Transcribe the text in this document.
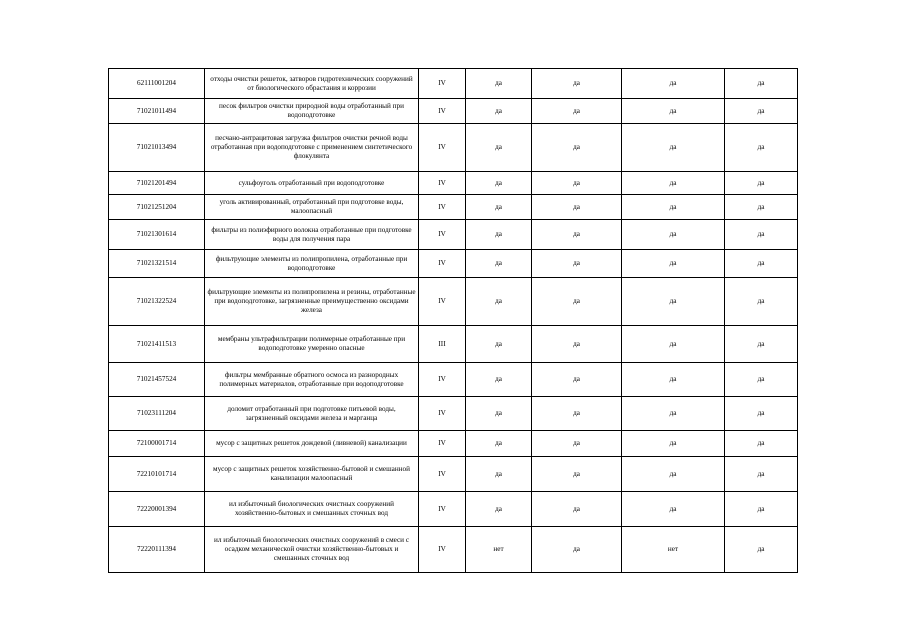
62111001204	отходы очистки решеток, затворов гидротехнических сооружений от биологического обрастания и коррозии	IV	да	да	да	да
71021011494	песок фильтров очистки природной воды отработанный при водоподготовке	IV	да	да	да	да
71021013494	песчано-антрацитовая загрузка фильтров очистки речной воды отработанная при водоподготовке с применением синтетического флокулянта	IV	да	да	да	да
71021201494	сульфоуголь отработанный при водоподготовке	IV	да	да	да	да
71021251204	уголь активированный, отработанный при подготовке воды, малоопасный	IV	да	да	да	да
71021301614	фильтры из полиэфирного волокна отработанные при подготовке воды для получения пара	IV	да	да	да	да
71021321514	фильтрующие элементы из полипропилена, отработанные при водоподготовке	IV	да	да	да	да
71021322524	фильтрующие элементы из полипропилена и резины, отработанные при водоподготовке, загрязненные преимущественно оксидами железа	IV	да	да	да	да
71021411513	мембраны ультрафильтрации полимерные отработанные при водоподготовке умеренно опасные	III	да	да	да	да
71021457524	фильтры мембранные обратного осмоса из разнородных полимерных материалов, отработанные при водоподготовке	IV	да	да	да	да
71023111204	доломит отработанный при подготовке питьевой воды, загрязненный оксидами железа и марганца	IV	да	да	да	да
72100001714	мусор с защитных решеток дождевой (ливневой) канализации	IV	да	да	да	да
72210101714	мусор с защитных решеток хозяйственно-бытовой и смешанной канализации малоопасный	IV	да	да	да	да
72220001394	ил избыточный биологических очистных сооружений хозяйственно-бытовых и смешанных сточных вод	IV	да	да	да	да
72220111394	ил избыточный биологических очистных сооружений в смеси с осадком механической очистки хозяйственно-бытовых и смешанных сточных вод	IV	нет	да	нет	да
